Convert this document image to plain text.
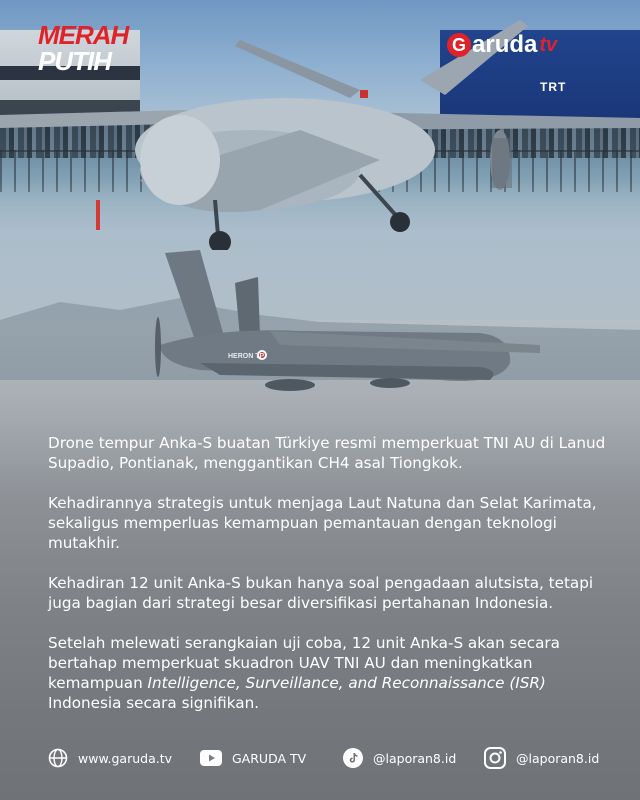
TRT
HERON TP
MERAH
PUTIH
G aruda tv

Drone tempur Anka-S buatan Türkiye resmi memperkuat TNI AU di Lanud Supadio, Pontianak, menggantikan CH4 asal Tiongkok.

Kehadirannya strategis untuk menjaga Laut Natuna dan Selat Karimata, sekaligus memperluas kemampuan pemantauan dengan teknologi mutakhir.

Kehadiran 12 unit Anka-S bukan hanya soal pengadaan alutsista, tetapi juga bagian dari strategi besar diversifikasi pertahanan Indonesia.

Setelah melewati serangkaian uji coba, 12 unit Anka-S akan secara bertahap memperkuat skuadron UAV TNI AU dan meningkatkan kemampuan Intelligence, Surveillance, and Reconnaissance (ISR) Indonesia secara signifikan.

www.garuda.tv	GARUDA TV	@laporan8.id	@laporan8.id
